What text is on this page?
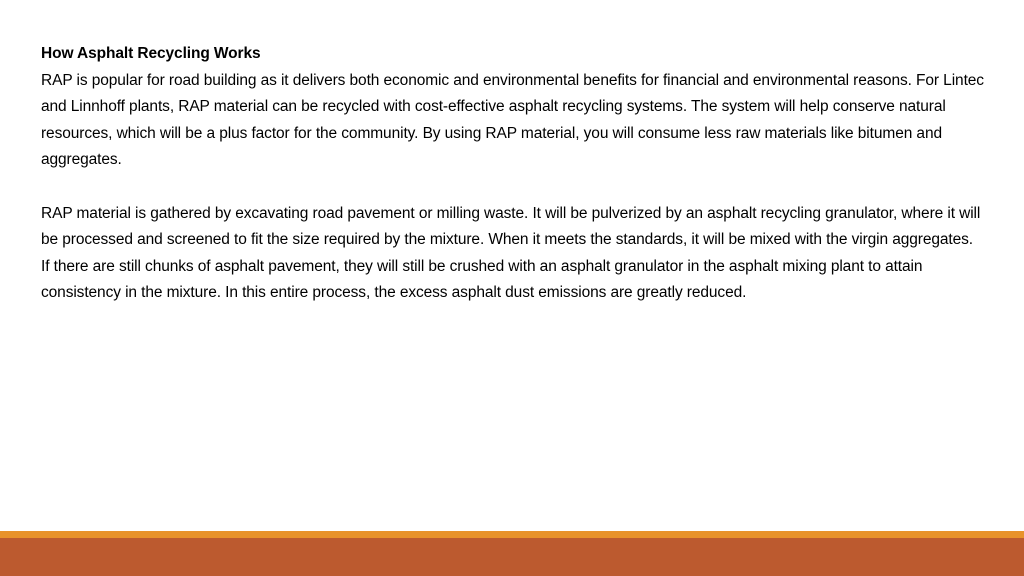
How Asphalt Recycling Works

RAP is popular for road building as it delivers both economic and environmental benefits for financial and environmental reasons. For Lintec and Linnhoff plants, RAP material can be recycled with cost-effective asphalt recycling systems. The system will help conserve natural resources, which will be a plus factor for the community. By using RAP material, you will consume less raw materials like bitumen and aggregates.

RAP material is gathered by excavating road pavement or milling waste. It will be pulverized by an asphalt recycling granulator, where it will be processed and screened to fit the size required by the mixture. When it meets the standards, it will be mixed with the virgin aggregates.  If there are still chunks of asphalt pavement, they will still be crushed with an asphalt granulator in the asphalt mixing plant to attain consistency in the mixture. In this entire process, the excess asphalt dust emissions are greatly reduced.
